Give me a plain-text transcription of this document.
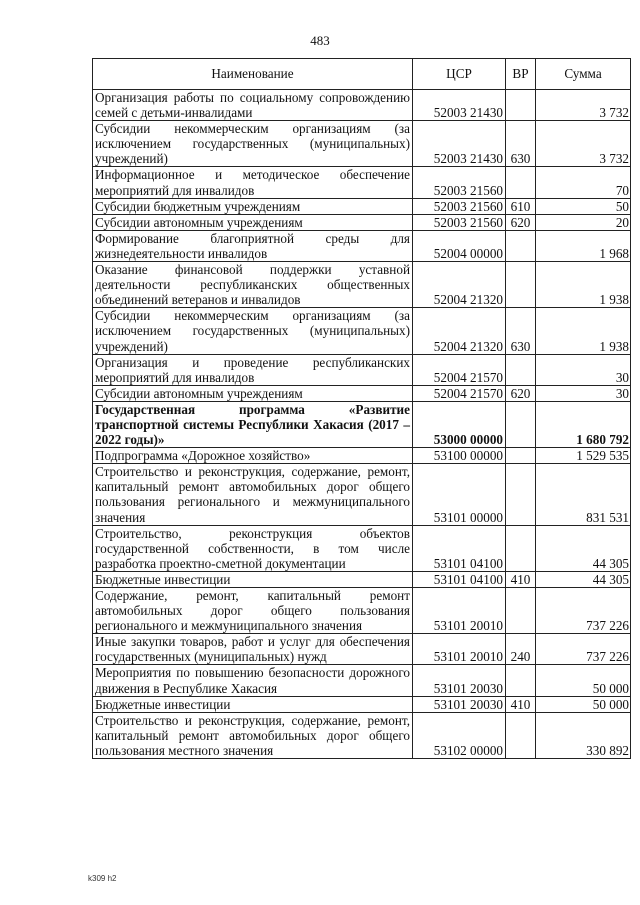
483
Наименование	ЦСР	ВР	Сумма
Организация работы по социальному сопровождению семей с детьми-инвалидами	52003 21430		3 732
Субсидии некоммерческим организациям (за исключением государственных (муниципальных) учреждений)	52003 21430	630	3 732
Информационное и методическое обеспечение мероприятий для инвалидов	52003 21560		70
Субсидии бюджетным учреждениям	52003 21560	610	50
Субсидии автономным учреждениям	52003 21560	620	20
Формирование благоприятной среды для жизнедеятельности инвалидов	52004 00000		1 968
Оказание финансовой поддержки уставной деятельности республиканских общественных объединений ветеранов и инвалидов	52004 21320		1 938
Субсидии некоммерческим организациям (за исключением государственных (муниципальных) учреждений)	52004 21320	630	1 938
Организация и проведение республиканских мероприятий для инвалидов	52004 21570		30
Субсидии автономным учреждениям	52004 21570	620	30
Государственная программа «Развитие транспортной системы Республики Хакасия (2017 – 2022 годы)»	53000 00000		1 680 792
Подпрограмма «Дорожное хозяйство»	53100 00000		1 529 535
Строительство и реконструкция, содержание, ремонт, капитальный ремонт автомобильных дорог общего пользования регионального и межмуниципального значения	53101 00000		831 531
Строительство, реконструкция объектов государственной собственности, в том числе разработка проектно-сметной документации	53101 04100		44 305
Бюджетные инвестиции	53101 04100	410	44 305
Содержание, ремонт, капитальный ремонт автомобильных дорог общего пользования регионального и межмуниципального значения	53101 20010		737 226
Иные закупки товаров, работ и услуг для обеспечения государственных (муниципальных) нужд	53101 20010	240	737 226
Мероприятия по повышению безопасности дорожного движения в Республике Хакасия	53101 20030		50 000
Бюджетные инвестиции	53101 20030	410	50 000
Строительство и реконструкция, содержание, ремонт, капитальный ремонт автомобильных дорог общего пользования местного значения	53102 00000		330 892
k309 h2
